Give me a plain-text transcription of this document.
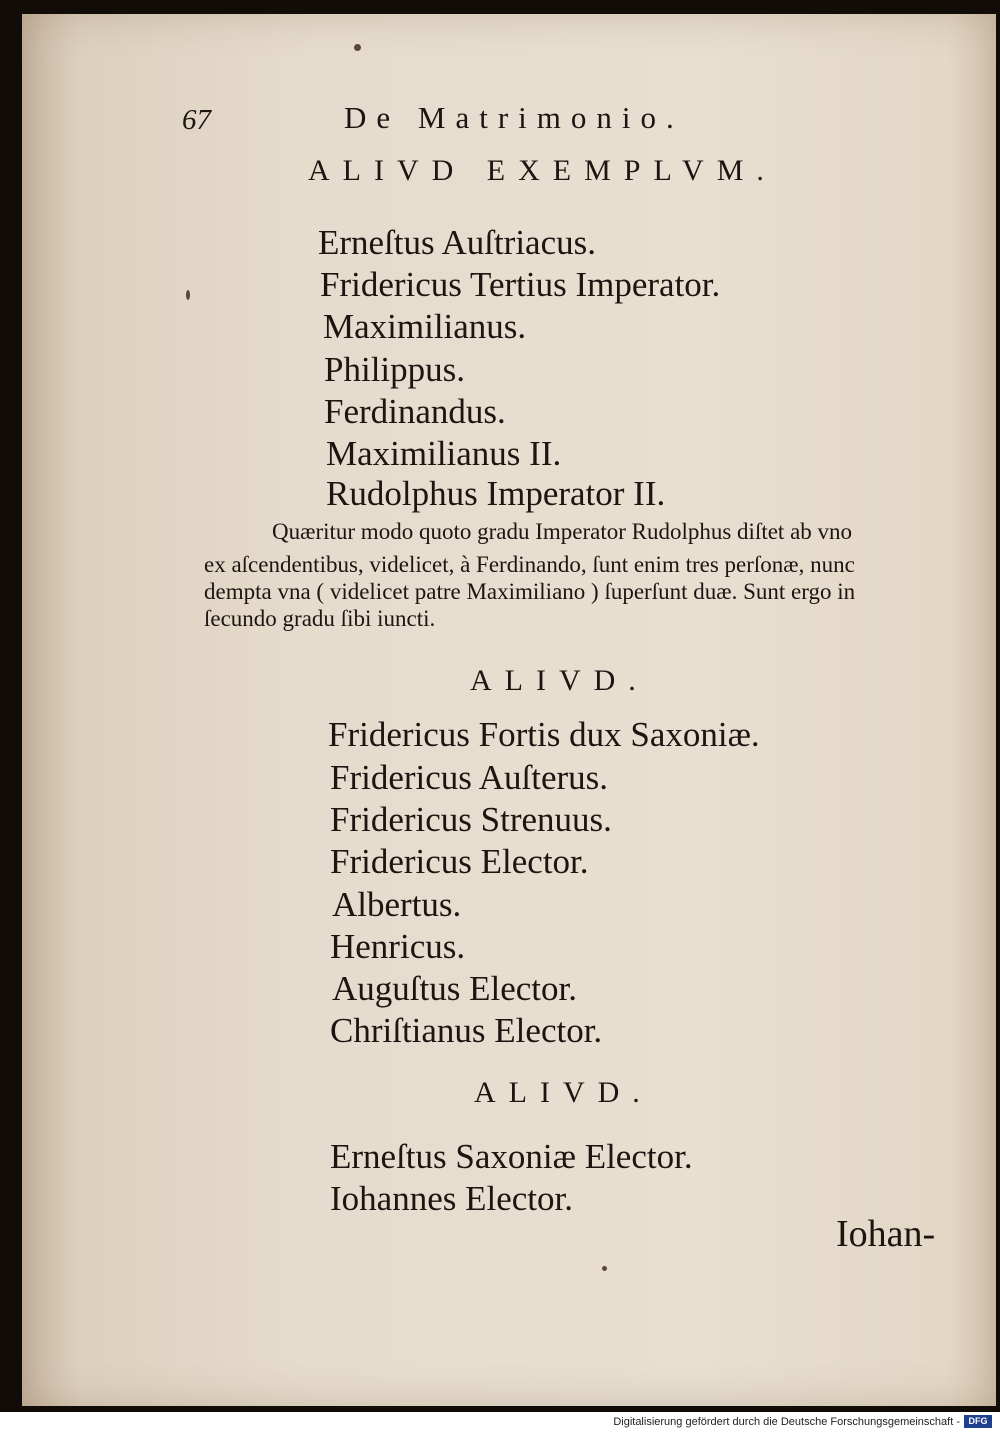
67	De Matrimonio.
ALIVD EXEMPLVM.
Erneſtus Auſtriacus.
Fridericus Tertius Imperator.
Maximilianus.
Philippus.
Ferdinandus.
Maximilianus II.
Rudolphus Imperator II.
Quæritur modo quoto gradu Imperator Rudolphus diſtet ab vno
ex aſcendentibus, videlicet, à Ferdinando, ſunt enim tres perſonæ, nunc
dempta vna ( videlicet patre Maximiliano ) ſuperſunt duæ. Sunt ergo in
ſecundo gradu ſibi iuncti.
ALIVD.
Fridericus Fortis dux Saxoniæ.
Fridericus Auſterus.
Fridericus Strenuus.
Fridericus Elector.
Albertus.
Henricus.
Auguſtus Elector.
Chriſtianus Elector.
ALIVD.
Erneſtus Saxoniæ Elector.
Iohannes Elector.
Iohan-
Digitalisierung gefördert durch die Deutsche Forschungsgemeinschaft - DFG
